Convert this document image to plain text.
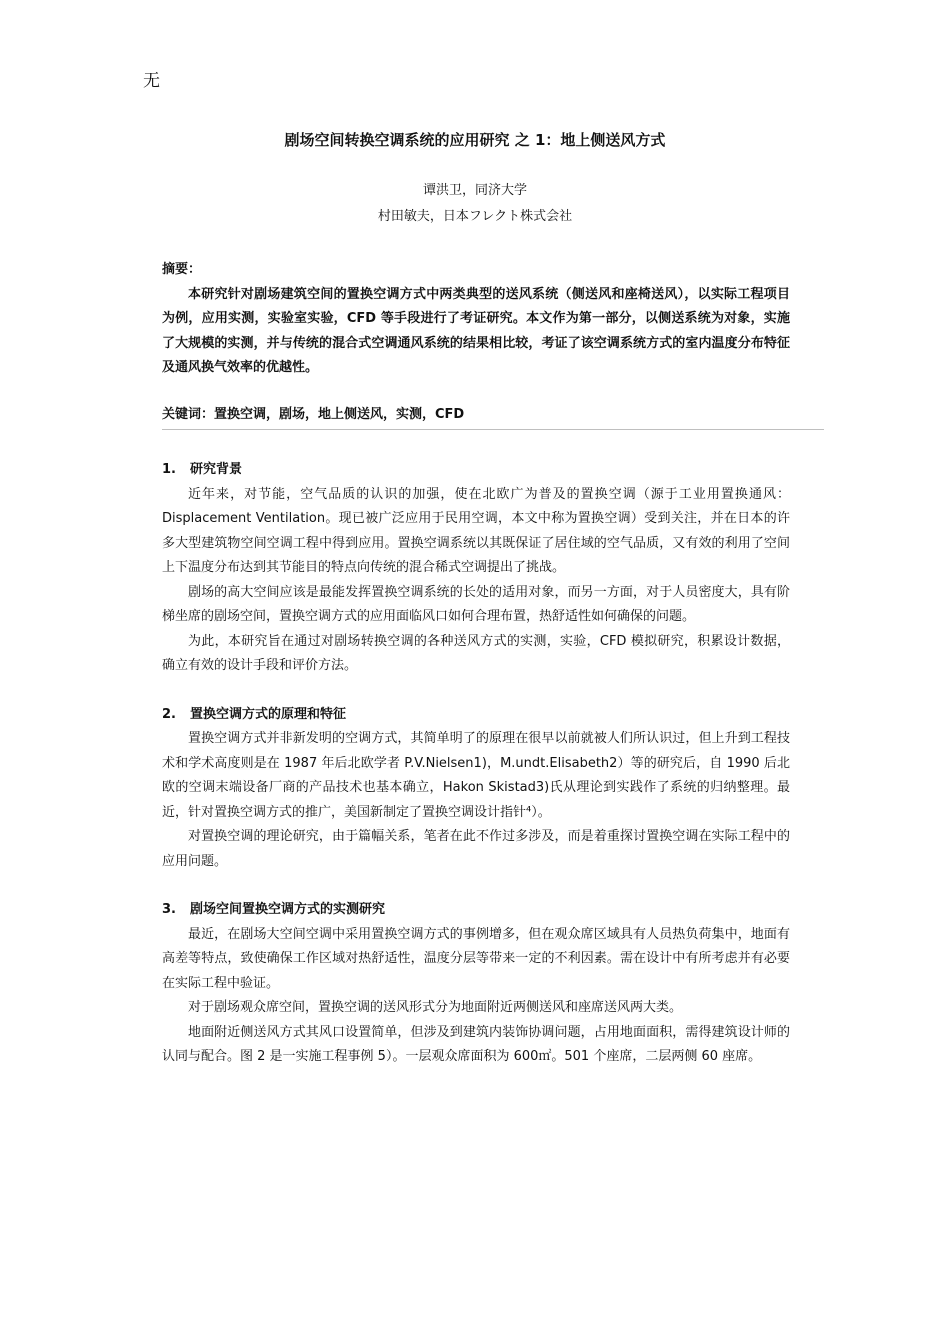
无
剧场空间转换空调系统的应用研究 之 1：地上侧送风方式
谭洪卫，同济大学
村田敏夫，日本フレクト株式会社

摘要：

本研究针对剧场建筑空间的置换空调方式中两类典型的送风系统（侧送风和座椅送风），以实际工程项目为例，应用实测，实验室实验，CFD 等手段进行了考证研究。本文作为第一部分，以侧送系统为对象，实施了大规模的实测，并与传统的混合式空调通风系统的结果相比较，考证了该空调系统方式的室内温度分布特征及通风换气效率的优越性。

关键词：置换空调，剧场，地上侧送风，实测，CFD

1. 研究背景

近年来，对节能，空气品质的认识的加强，使在北欧广为普及的置换空调（源于工业用置换通风：Displacement Ventilation。现已被广泛应用于民用空调，本文中称为置换空调）受到关注，并在日本的许多大型建筑物空间空调工程中得到应用。置换空调系统以其既保证了居住域的空气品质，又有效的利用了空间上下温度分布达到其节能目的特点向传统的混合稀式空调提出了挑战。

剧场的高大空间应该是最能发挥置换空调系统的长处的适用对象，而另一方面，对于人员密度大，具有阶梯坐席的剧场空间，置换空调方式的应用面临风口如何合理布置，热舒适性如何确保的问题。

为此，本研究旨在通过对剧场转换空调的各种送风方式的实测，实验，CFD 模拟研究，积累设计数据，确立有效的设计手段和评价方法。

2. 置换空调方式的原理和特征

置换空调方式并非新发明的空调方式，其简单明了的原理在很早以前就被人们所认识过，但上升到工程技术和学术高度则是在 1987 年后北欧学者 P.V.Nielsen1)，M.undt.Elisabeth2）等的研究后，自 1990 后北欧的空调末端设备厂商的产品技术也基本确立，Hakon Skistad3)氏从理论到实践作了系统的归纳整理。最近，针对置换空调方式的推广，美国新制定了置换空调设计指针⁴）。

对置换空调的理论研究，由于篇幅关系，笔者在此不作过多涉及，而是着重探讨置换空调在实际工程中的应用问题。

3. 剧场空间置换空调方式的实测研究

最近，在剧场大空间空调中采用置换空调方式的事例增多，但在观众席区域具有人员热负荷集中，地面有高差等特点，致使确保工作区域对热舒适性，温度分层等带来一定的不利因素。需在设计中有所考虑并有必要在实际工程中验证。

对于剧场观众席空间，置换空调的送风形式分为地面附近两侧送风和座席送风两大类。

地面附近侧送风方式其风口设置简单，但涉及到建筑内装饰协调问题，占用地面面积，需得建筑设计师的认同与配合。图 2 是一实施工程事例 5）。一层观众席面积为 600㎡。501 个座席，二层两侧 60 座席。
